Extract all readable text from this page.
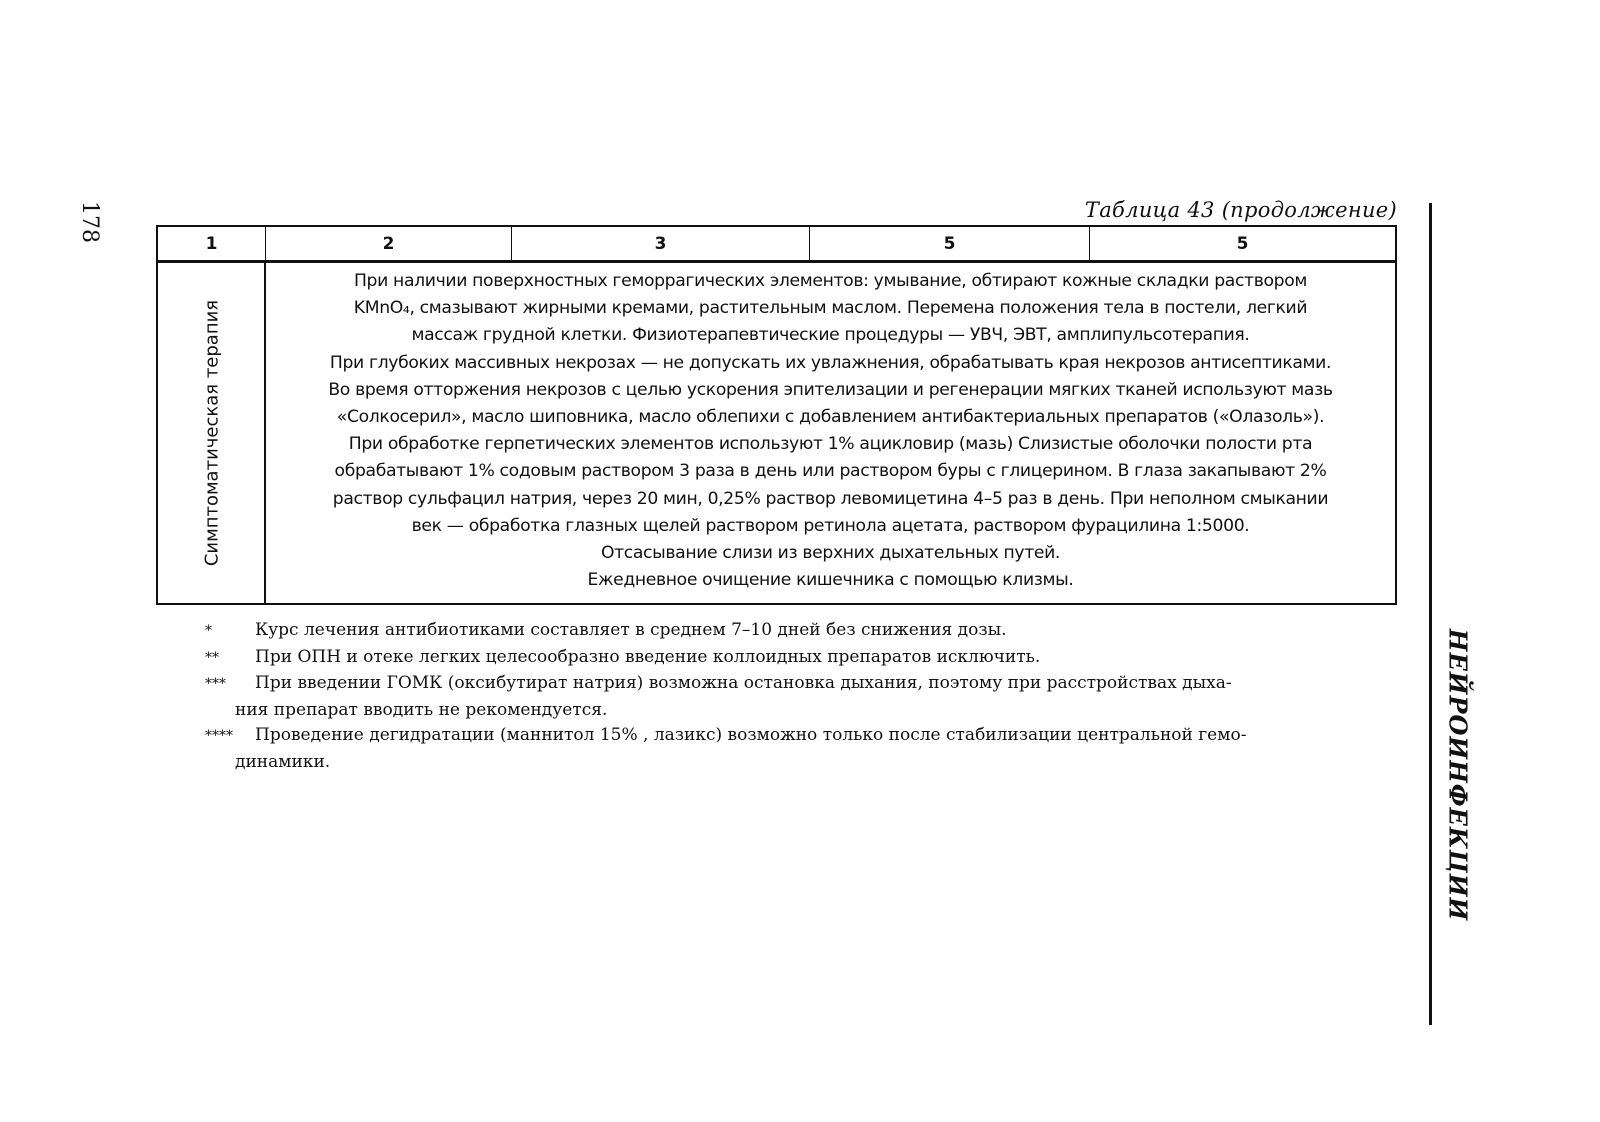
178	Таблица 43 (продолжение)
1	2	3	5	5
Симптоматическая терапия

При наличии поверхностных геморрагических элементов: умывание, обтирают кожные складки раствором

KMnO₄, смазывают жирными кремами, растительным маслом. Перемена положения тела в постели, легкий

массаж грудной клетки. Физиотерапевтические процедуры — УВЧ, ЭВТ, амплипульсотерапия.

При глубоких массивных некрозах — не допускать их увлажнения, обрабатывать края некрозов антисептиками.

Во время отторжения некрозов с целью ускорения эпителизации и регенерации мягких тканей используют мазь

«Солкосерил», масло шиповника, масло облепихи с добавлением антибактериальных препаратов («Олазоль»).

При обработке герпетических элементов используют 1% ацикловир (мазь) Слизистые оболочки полости рта

обрабатывают 1% содовым раствором 3 раза в день или раствором буры с глицерином. В глаза закапывают 2%

раствор сульфацил натрия, через 20 мин, 0,25% раствор левомицетина 4–5 раз в день. При неполном смыкании

век — обработка глазных щелей раствором ретинола ацетата, раствором фурацилина 1:5000.

Отсасывание слизи из верхних дыхательных путей.

Ежедневное очищение кишечника с помощью клизмы.

*	Курс лечения антибиотиками составляет в среднем 7–10 дней без снижения дозы.
** При ОПН и отеке легких целесообразно введение коллоидных препаратов исключить.
*** При введении ГОМК (оксибутират натрия) возможна остановка дыхания, поэтому при расстройствах дыха-
ния препарат вводить не рекомендуется.
**** Проведение дегидратации (маннитол 15% , лазикс) возможно только после стабилизации центральной гемо-
динамики.	НЕЙРОИНФЕКЦИИ
